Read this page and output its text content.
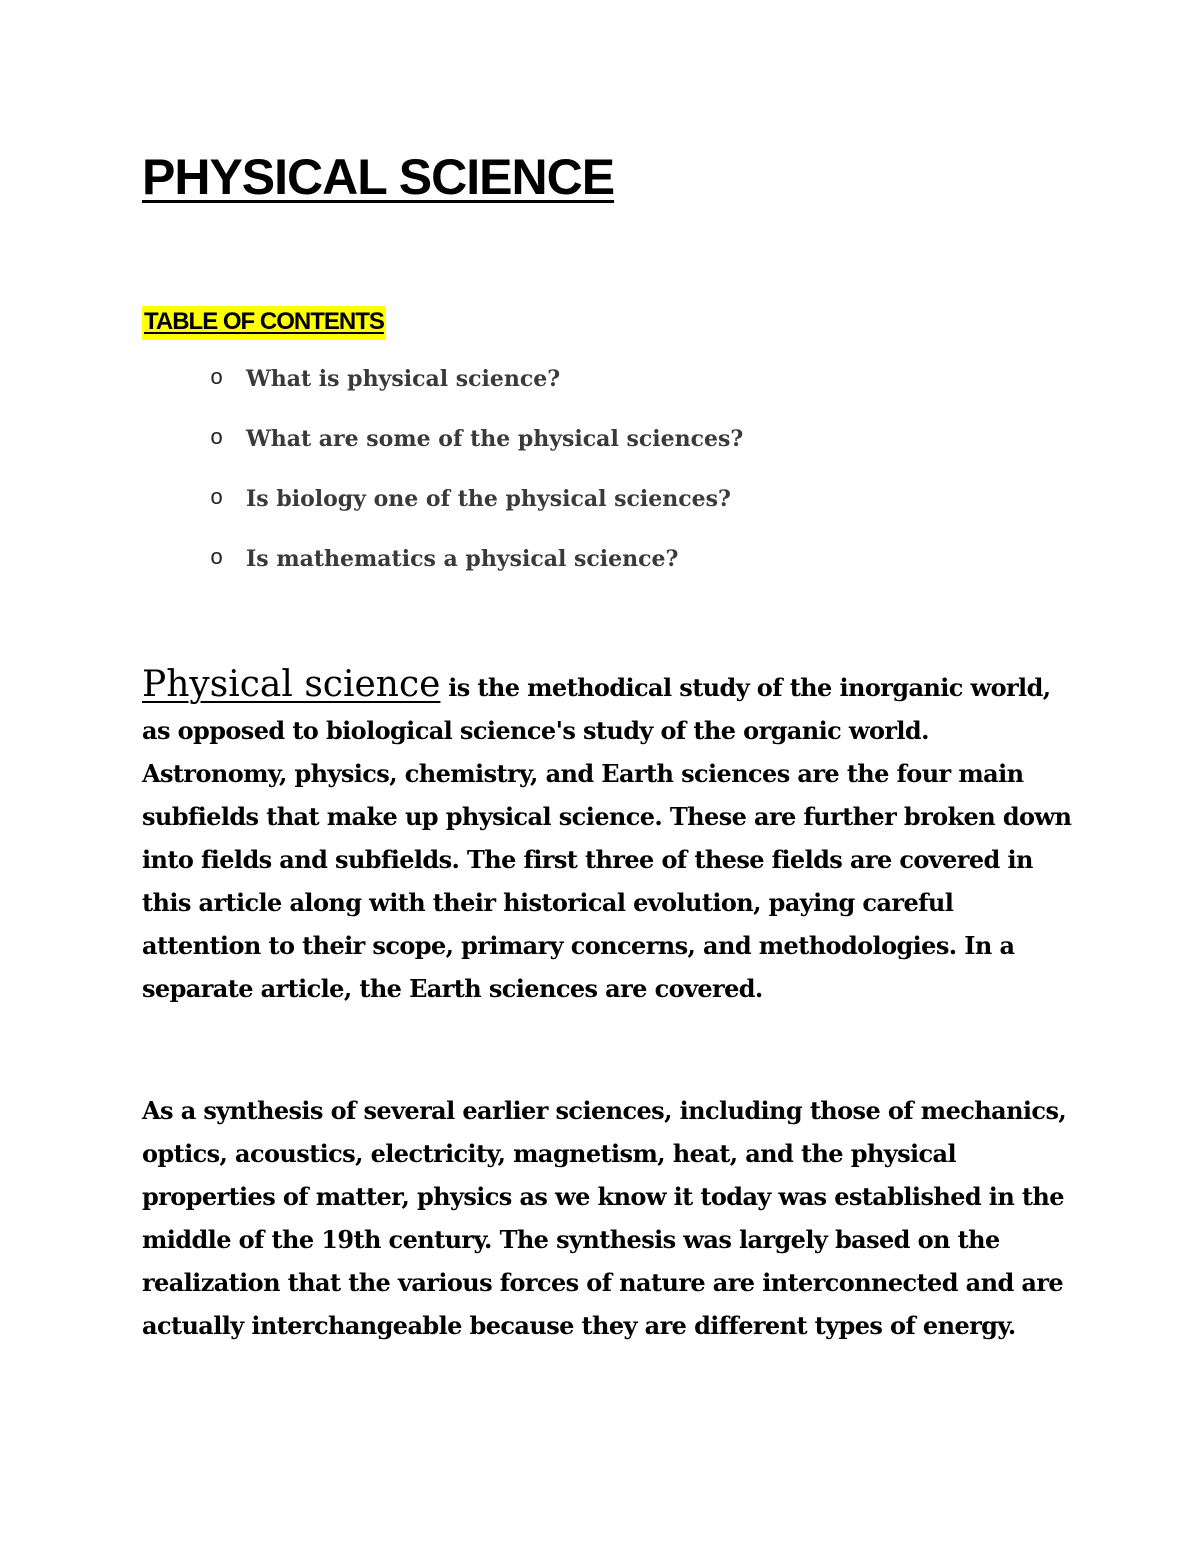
PHYSICAL SCIENCE
TABLE OF CONTENTS
o	What is physical science?
o	What are some of the physical sciences?
o	Is biology one of the physical sciences?
o	Is mathematics a physical science?

Physical science is the methodical study of the inorganic world, as opposed to biological science's study of the organic world. Astronomy, physics, chemistry, and Earth sciences are the four main subfields that make up physical science. These are further broken down into fields and subfields. The first three of these fields are covered in this article along with their historical evolution, paying careful attention to their scope, primary concerns, and methodologies. In a separate article, the Earth sciences are covered.

As a synthesis of several earlier sciences, including those of mechanics, optics, acoustics, electricity, magnetism, heat, and the physical properties of matter, physics as we know it today was established in the middle of the 19th century. The synthesis was largely based on the realization that the various forces of nature are interconnected and are actually interchangeable because they are different types of energy.
